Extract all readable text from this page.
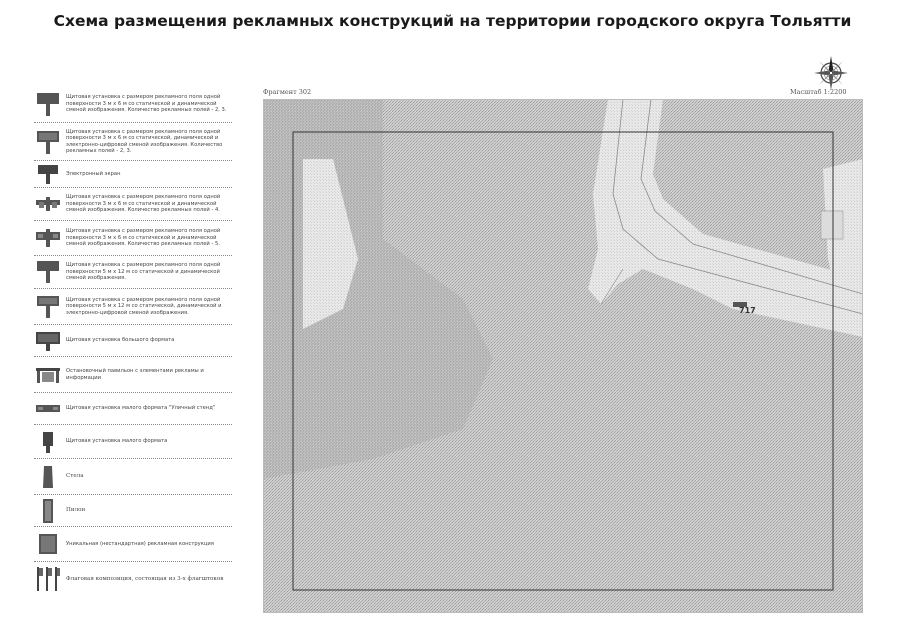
Схема размещения рекламных конструкций на территории городского округа Тольятти
Щитовая установка с размером рекламного поля одной поверхности 3 м х 6 м со статической и динамической сменой изображения. Количество рекламных полей - 2, 3.
Щитовая установка с размером рекламного поля одной поверхности 3 м х 6 м со статической, динамической и электронно-цифровой сменой изображения. Количество рекламных полей - 2, 3.
Электронный экран
Щитовая установка с размером рекламного поля одной поверхности 3 м х 6 м со статической и динамической сменой изображения. Количество рекламных полей - 4.
Щитовая установка с размером рекламного поля одной поверхности 3 м х 6 м со статической и динамической сменой изображения. Количество рекламных полей - 5.
Щитовая установка с размером рекламного поля одной поверхности 5 м х 12 м со статической и динамической сменой изображения.
Щитовая установка с размером рекламного поля одной поверхности 5 м х 12 м со статической, динамической и электронно-цифровой сменой изображения.
Щитовая установка большого формата
Остановочный павильон с элементами рекламы и информации
Щитовая установка малого формата "Уличный стенд"
Щитовая установка малого формата
Стела
Пилон
Уникальная (нестандартная) рекламная конструкция
Флаговая композиция, состоящая из 3-х флагштоков
Фрагмент 302	Масштаб 1:2200
717
